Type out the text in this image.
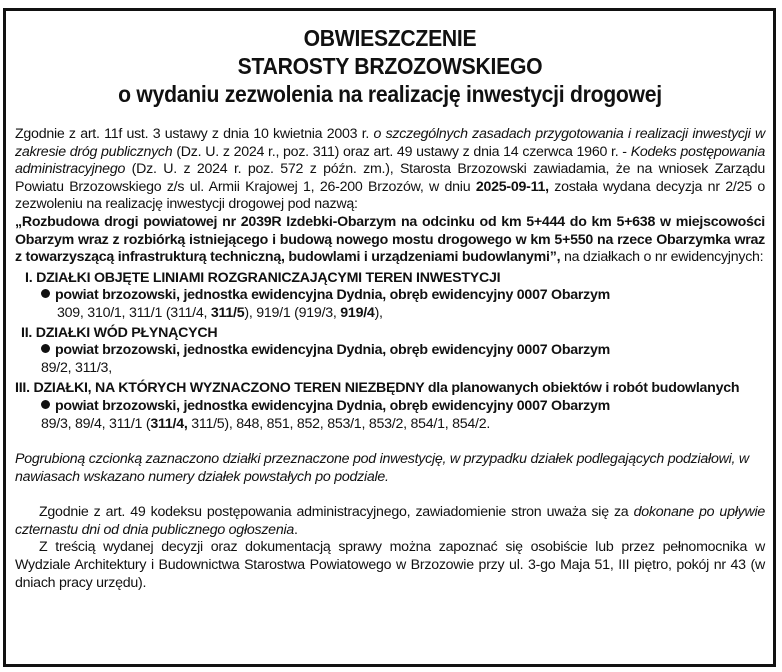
OBWIESZCZENIE
STAROSTY BRZOZOWSKIEGO
o wydaniu zezwolenia na realizację inwestycji drogowej
Zgodnie z art. 11f ust. 3 ustawy z dnia 10 kwietnia 2003 r. o szczególnych zasadach przygotowania i realizacji inwestycji w zakresie dróg publicznych (Dz. U. z 2024 r., poz. 311) oraz art. 49 ustawy z dnia 14 czerwca 1960 r. - Kodeks postępowania administracyjnego (Dz. U. z 2024 r. poz. 572 z późn. zm.), Starosta Brzozowski zawiadamia, że na wniosek Zarządu Powiatu Brzozowskiego z/s ul. Armii Krajowej 1, 26-200 Brzozów, w dniu 2025-09-11, została wydana decyzja nr 2/25 o zezwoleniu na realizację inwestycji drogowej pod nazwą:
„Rozbudowa drogi powiatowej nr 2039R Izdebki-Obarzym na odcinku od km 5+444 do km 5+638 w miejscowości Obarzym wraz z rozbiórką istniejącego i budową nowego mostu drogowego w km 5+550 na rzece Obarzymka wraz z towarzyszącą infrastrukturą techniczną, budowlami i urządzeniami budowlanymi”, na działkach o nr ewidencyjnych:
I. DZIAŁKI OBJĘTE LINIAMI ROZGRANICZAJĄCYMI TEREN INWESTYCJI
powiat brzozowski, jednostka ewidencyjna Dydnia, obręb ewidencyjny 0007 Obarzym
309, 310/1, 311/1 (311/4, 311/5), 919/1 (919/3, 919/4),
II. DZIAŁKI WÓD PŁYNĄCYCH
powiat brzozowski, jednostka ewidencyjna Dydnia, obręb ewidencyjny 0007 Obarzym
89/2, 311/3,
III. DZIAŁKI, NA KTÓRYCH WYZNACZONO TEREN NIEZBĘDNY dla planowanych obiektów i robót budowlanych
powiat brzozowski, jednostka ewidencyjna Dydnia, obręb ewidencyjny 0007 Obarzym
89/3, 89/4, 311/1 (311/4, 311/5), 848, 851, 852, 853/1, 853/2, 854/1, 854/2.
Pogrubioną czcionką zaznaczono działki przeznaczone pod inwestycję, w przypadku działek podlegających podziałowi, w nawiasach wskazano numery działek powstałych po podziale.
Zgodnie z art. 49 kodeksu postępowania administracyjnego, zawiadomienie stron uważa się za dokonane po upływie czternastu dni od dnia publicznego ogłoszenia.
Z treścią wydanej decyzji oraz dokumentacją sprawy można zapoznać się osobiście lub przez pełnomocnika w Wydziale Architektury i Budownictwa Starostwa Powiatowego w Brzozowie przy ul. 3-go Maja 51, III piętro, pokój nr 43 (w dniach pracy urzędu).
